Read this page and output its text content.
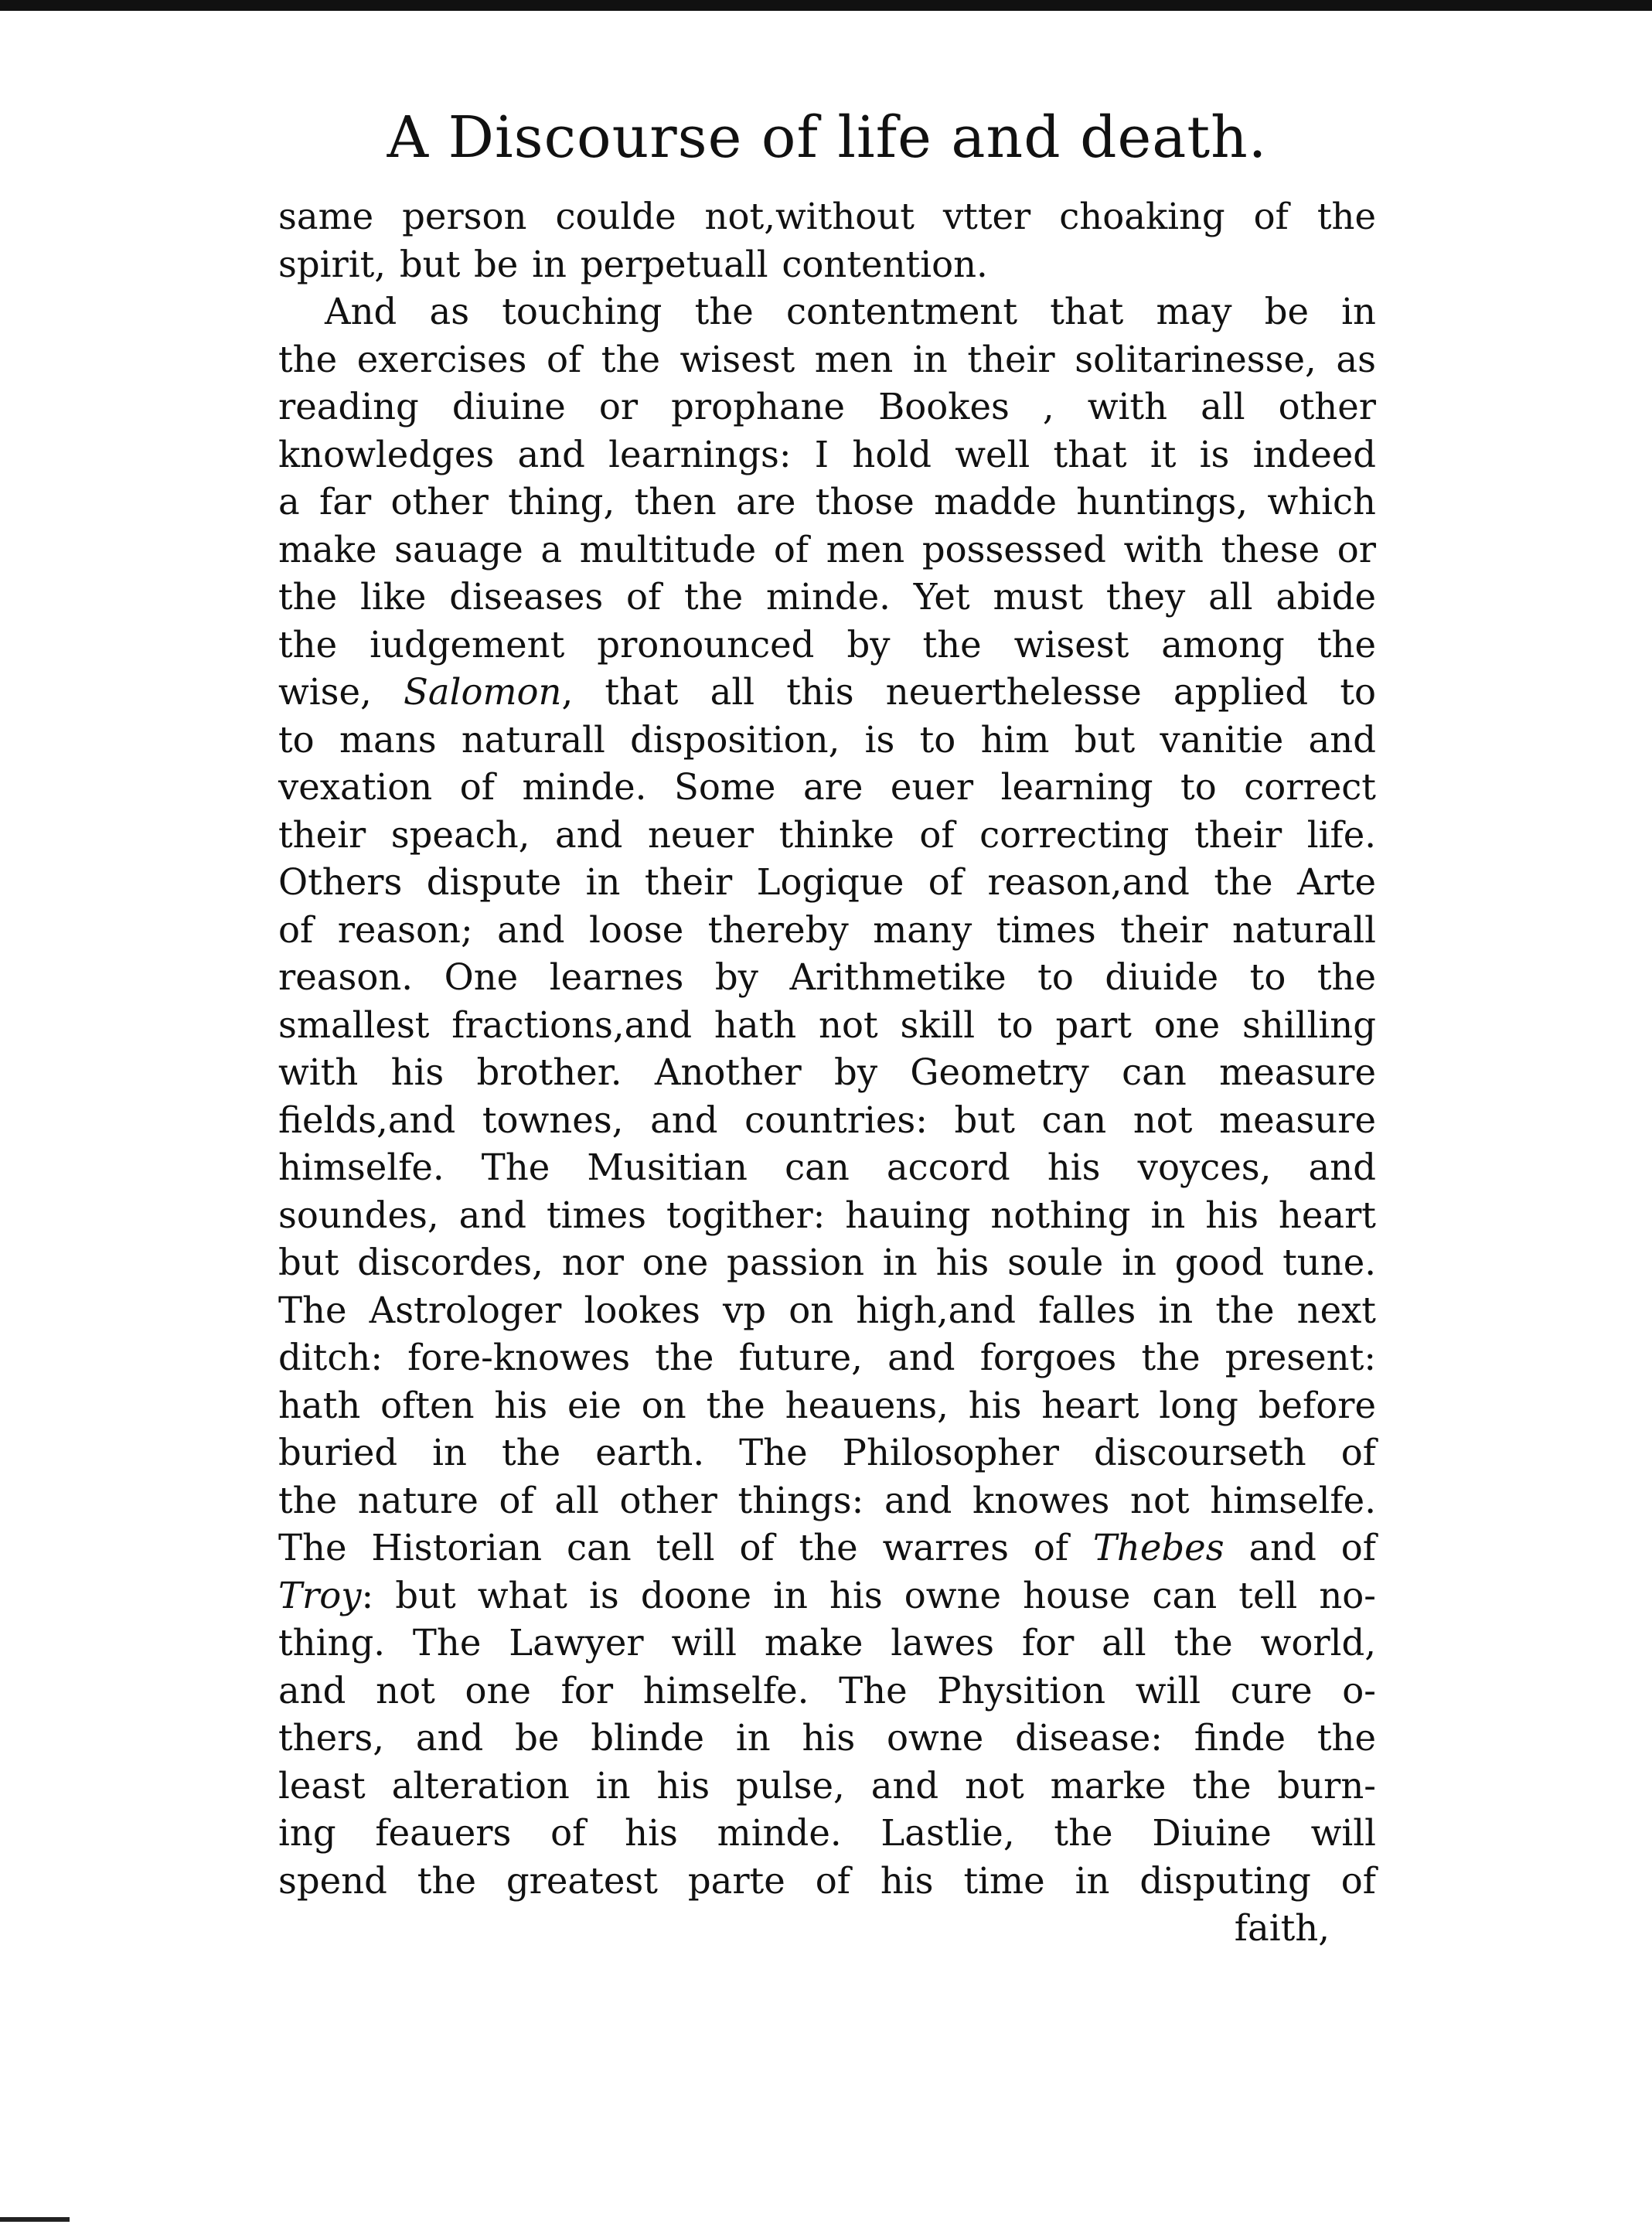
A Discourse of life and death.
same person coulde not,without vtter choaking of the
spirit, but be in perpetuall contention.
And as touching the contentment that may be in
the exercises of the wisest men in their solitarinesse, as
reading diuine or prophane Bookes , with all other
knowledges and learnings: I hold well that it is indeed
a far other thing, then are those madde huntings, which
make sauage a multitude of men possessed with these or
the like diseases of the minde. Yet must they all abide
the iudgement pronounced by the wisest among the
wise, Salomon, that all this neuerthelesse applied to
to mans naturall disposition, is to him but vanitie and
vexation of minde. Some are euer learning to correct
their speach, and neuer thinke of correcting their life.
Others dispute in their Logique of reason,and the Arte
of reason; and loose thereby many times their naturall
reason. One learnes by Arithmetike to diuide to the
smallest fractions,and hath not skill to part one shilling
with his brother. Another by Geometry can measure
fields,and townes, and countries: but can not measure
himselfe. The Musitian can accord his voyces, and
soundes, and times togither: hauing nothing in his heart
but discordes, nor one passion in his soule in good tune.
The Astrologer lookes vp on high,and falles in the next
ditch: fore-knowes the future, and forgoes the present:
hath often his eie on the heauens, his heart long before
buried in the earth. The Philosopher discourseth of
the nature of all other things: and knowes not himselfe.
The Historian can tell of the warres of Thebes and of
Troy: but what is doone in his owne house can tell no-
thing. The Lawyer will make lawes for all the world,
and not one for himselfe. The Physition will cure o-
thers, and be blinde in his owne disease: finde the
least alteration in his pulse, and not marke the burn-
ing feauers of his minde. Lastlie, the Diuine will
spend the greatest parte of his time in disputing of
faith,
